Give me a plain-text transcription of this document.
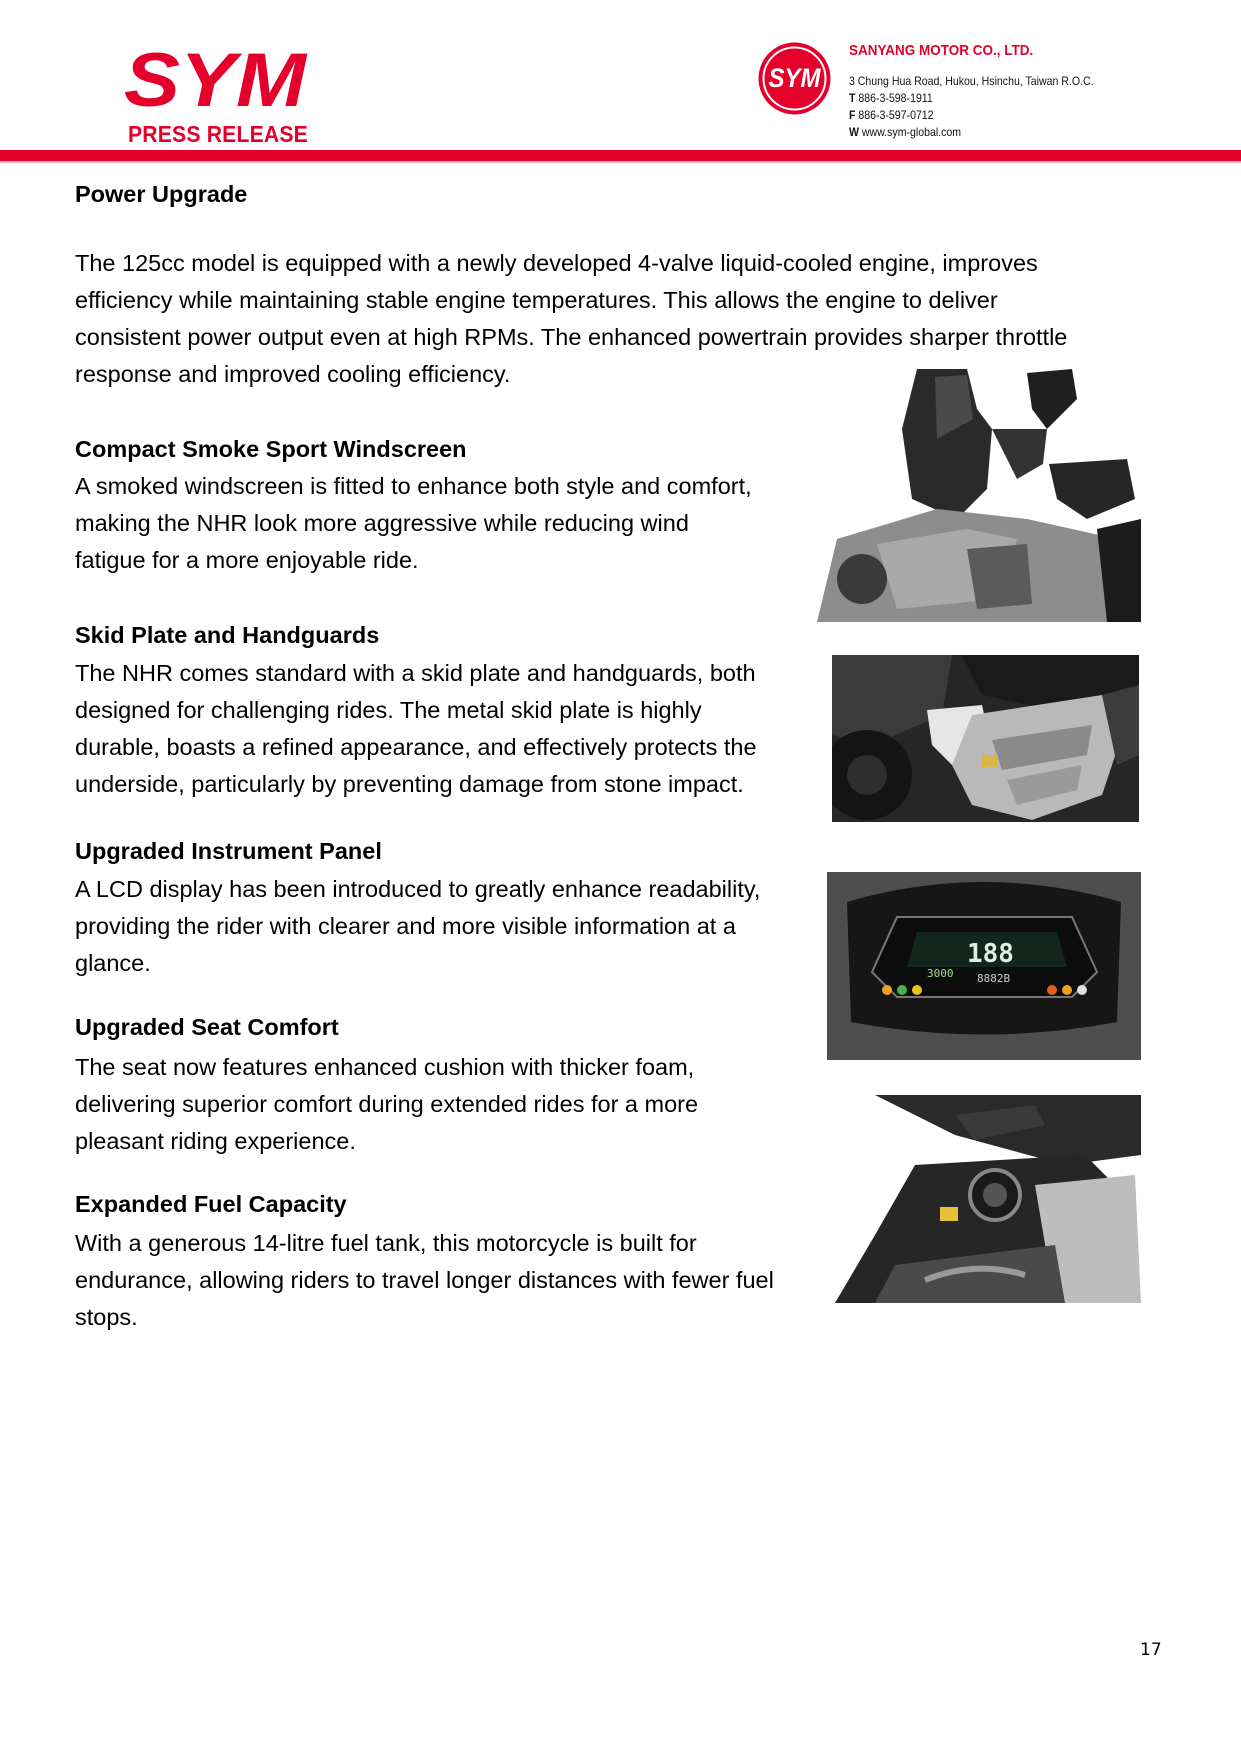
SYM
PRESS RELEASE
SYM
SANYANG MOTOR CO., LTD.
3 Chung Hua Road, Hukou, Hsinchu, Taiwan R.O.C.
T 886-3-598-1911
F 886-3-597-0712
W www.sym-global.com
Power Upgrade
The 125cc model is equipped with a newly developed 4-valve liquid-cooled engine, improves
efficiency while maintaining stable engine temperatures. This allows the engine to deliver
consistent power output even at high RPMs. The enhanced powertrain provides sharper throttle
response and improved cooling efficiency.
Compact Smoke Sport Windscreen
A smoked windscreen is fitted to enhance both style and comfort,
making the NHR look more aggressive while reducing wind
fatigue for a more enjoyable ride.
Skid Plate and Handguards
The NHR comes standard with a skid plate and handguards, both
designed for challenging rides. The metal skid plate is highly
durable, boasts a refined appearance, and effectively protects the
underside, particularly by preventing damage from stone impact.
Upgraded Instrument Panel
A LCD display has been introduced to greatly enhance readability,
providing the rider with clearer and more visible information at a
glance.	188
3000 8882B
Upgraded Seat Comfort
The seat now features enhanced cushion with thicker foam,
delivering superior comfort during extended rides for a more
pleasant riding experience.
Expanded Fuel Capacity
With a generous 14-litre fuel tank, this motorcycle is built for
endurance, allowing riders to travel longer distances with fewer fuel
stops.
17
